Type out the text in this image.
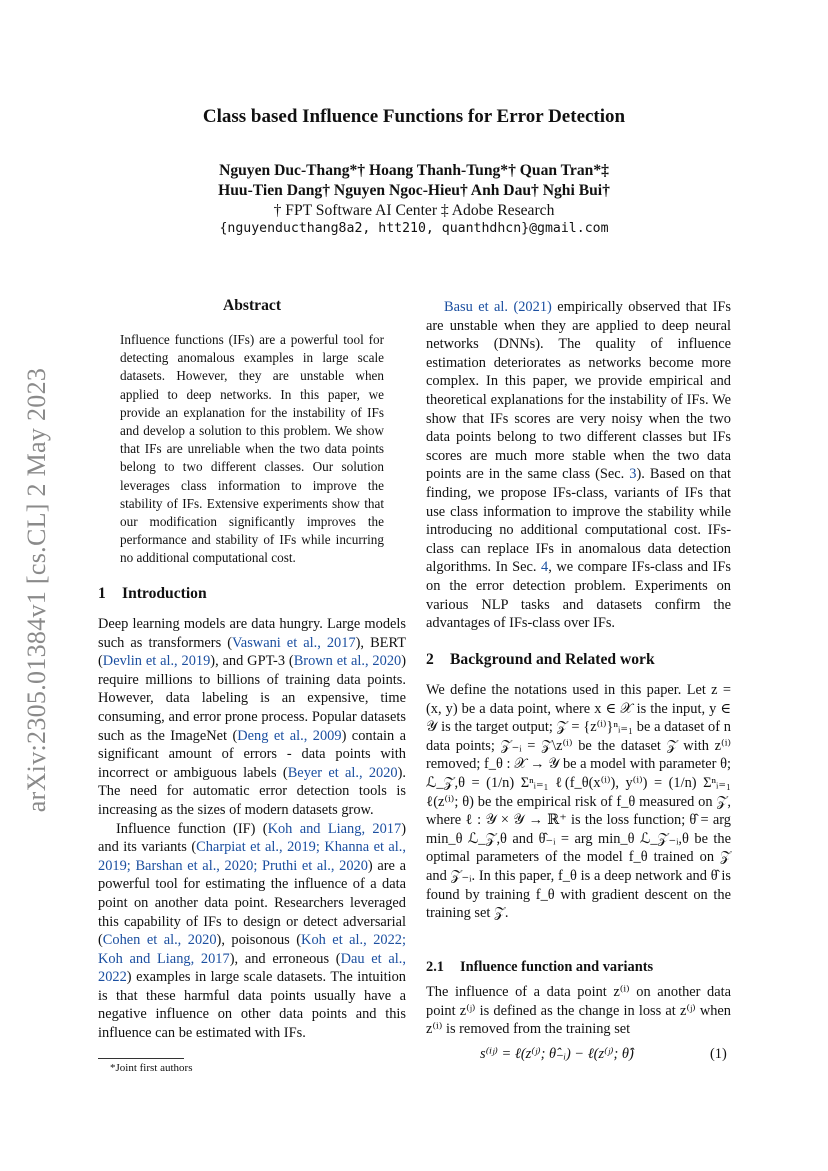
arXiv:2305.01384v1 [cs.CL] 2 May 2023
Class based Influence Functions for Error Detection
Nguyen Duc-Thang*† Hoang Thanh-Tung*† Quan Tran*‡
Huu-Tien Dang† Nguyen Ngoc-Hieu† Anh Dau† Nghi Bui†
† FPT Software AI Center ‡ Adobe Research
{nguyenducthang8a2, htt210, quanthdhcn}@gmail.com
Abstract
Influence functions (IFs) are a powerful tool for detecting anomalous examples in large scale datasets. However, they are unstable when applied to deep networks. In this paper, we provide an explanation for the instability of IFs and develop a solution to this problem. We show that IFs are unreliable when the two data points belong to two different classes. Our solution leverages class information to improve the stability of IFs. Extensive experiments show that our modification significantly improves the performance and stability of IFs while incurring no additional computational cost.
1 Introduction

Deep learning models are data hungry. Large models such as transformers (Vaswani et al., 2017), BERT (Devlin et al., 2019), and GPT-3 (Brown et al., 2020) require millions to billions of training data points. However, data labeling is an expensive, time consuming, and error prone process. Popular datasets such as the ImageNet (Deng et al., 2009) contain a significant amount of errors - data points with incorrect or ambiguous labels (Beyer et al., 2020). The need for automatic error detection tools is increasing as the sizes of modern datasets grow.

Influence function (IF) (Koh and Liang, 2017) and its variants (Charpiat et al., 2019; Khanna et al., 2019; Barshan et al., 2020; Pruthi et al., 2020) are a powerful tool for estimating the influence of a data point on another data point. Researchers leveraged this capability of IFs to design or detect adversarial (Cohen et al., 2020), poisonous (Koh et al., 2022; Koh and Liang, 2017), and erroneous (Dau et al., 2022) examples in large scale datasets. The intuition is that these harmful data points usually have a negative influence on other data points and this influence can be estimated with IFs.

Basu et al. (2021) empirically observed that IFs are unstable when they are applied to deep neural networks (DNNs). The quality of influence estimation deteriorates as networks become more complex. In this paper, we provide empirical and theoretical explanations for the instability of IFs. We show that IFs scores are very noisy when the two data points belong to two different classes but IFs scores are much more stable when the two data points are in the same class (Sec. 3). Based on that finding, we propose IFs-class, variants of IFs that use class information to improve the stability while introducing no additional computational cost. IFs-class can replace IFs in anomalous data detection algorithms. In Sec. 4, we compare IFs-class and IFs on the error detection problem. Experiments on various NLP tasks and datasets confirm the advantages of IFs-class over IFs.

2 Background and Related work

We define the notations used in this paper. Let z = (x, y) be a data point, where x ∈ 𝒳 is the input, y ∈ 𝒴 is the target output; 𝒵 = {z⁽ⁱ⁾}ⁿᵢ₌₁ be a dataset of n data points; 𝒵₋ᵢ = 𝒵\z⁽ⁱ⁾ be the dataset 𝒵 with z⁽ⁱ⁾ removed; f_θ : 𝒳 → 𝒴 be a model with parameter θ; ℒ_𝒵,θ = (1/n) Σⁿᵢ₌₁ ℓ(f_θ(x⁽ⁱ⁾), y⁽ⁱ⁾) = (1/n) Σⁿᵢ₌₁ ℓ(z⁽ⁱ⁾; θ) be the empirical risk of f_θ measured on 𝒵, where ℓ : 𝒴 × 𝒴 → ℝ⁺ is the loss function; θ̂ = arg min_θ ℒ_𝒵,θ and θ̂₋ᵢ = arg min_θ ℒ_𝒵₋ᵢ,θ be the optimal parameters of the model f_θ trained on 𝒵 and 𝒵₋ᵢ. In this paper, f_θ is a deep network and θ̂ is found by training f_θ with gradient descent on the training set 𝒵.

2.1 Influence function and variants

The influence of a data point z⁽ⁱ⁾ on another data point z⁽ʲ⁾ is defined as the change in loss at z⁽ʲ⁾ when z⁽ⁱ⁾ is removed from the training set

s⁽ⁱʲ⁾ = ℓ(z⁽ʲ⁾; θ̂₋ᵢ) − ℓ(z⁽ʲ⁾; θ̂)	(1)
*Joint first authors
